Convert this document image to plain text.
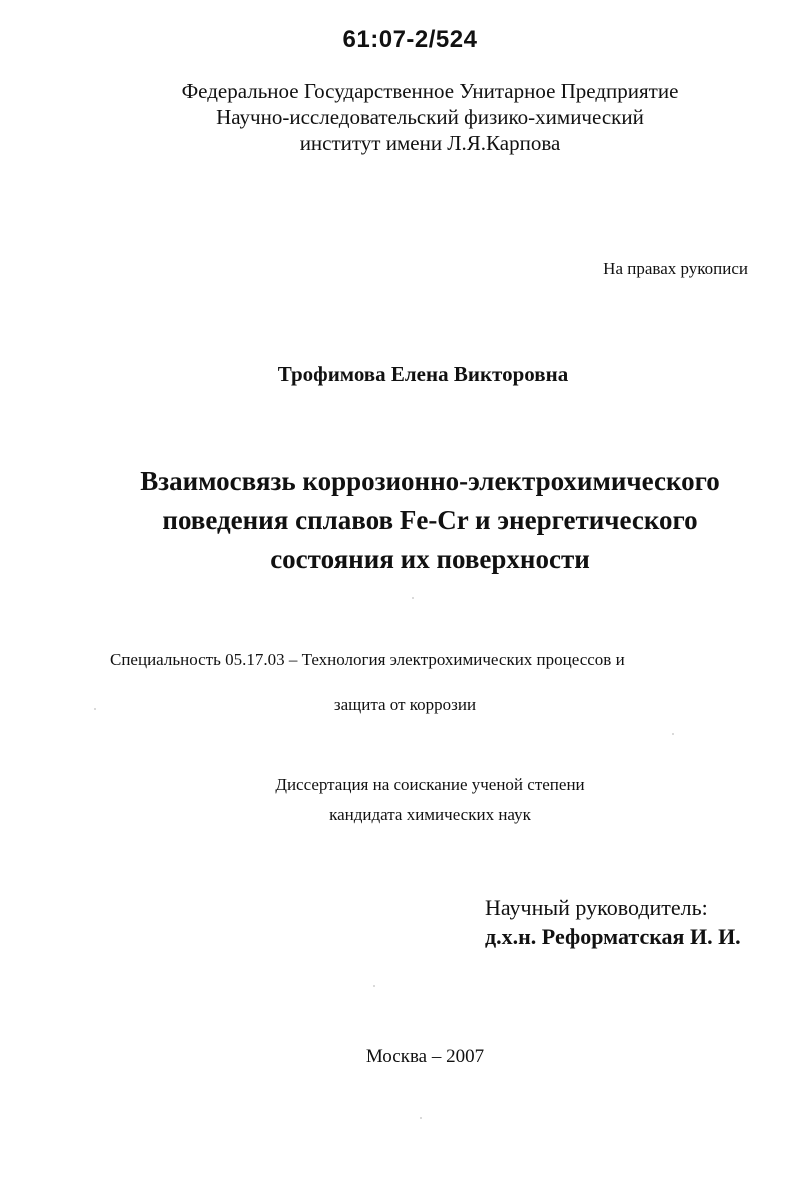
61:07-2/524
Федеральное Государственное Унитарное Предприятие
Научно-исследовательский физико-химический
институт имени Л.Я.Карпова
На правах рукописи
Трофимова Елена Викторовна
Взаимосвязь коррозионно-электрохимического
поведения сплавов Fe-Cr и энергетического
состояния их поверхности
Специальность 05.17.03 – Технология электрохимических процессов и
защита от коррозии
Диссертация на соискание ученой степени
кандидата химических наук
Научный руководитель:
д.х.н. Реформатская И. И.
Москва – 2007
